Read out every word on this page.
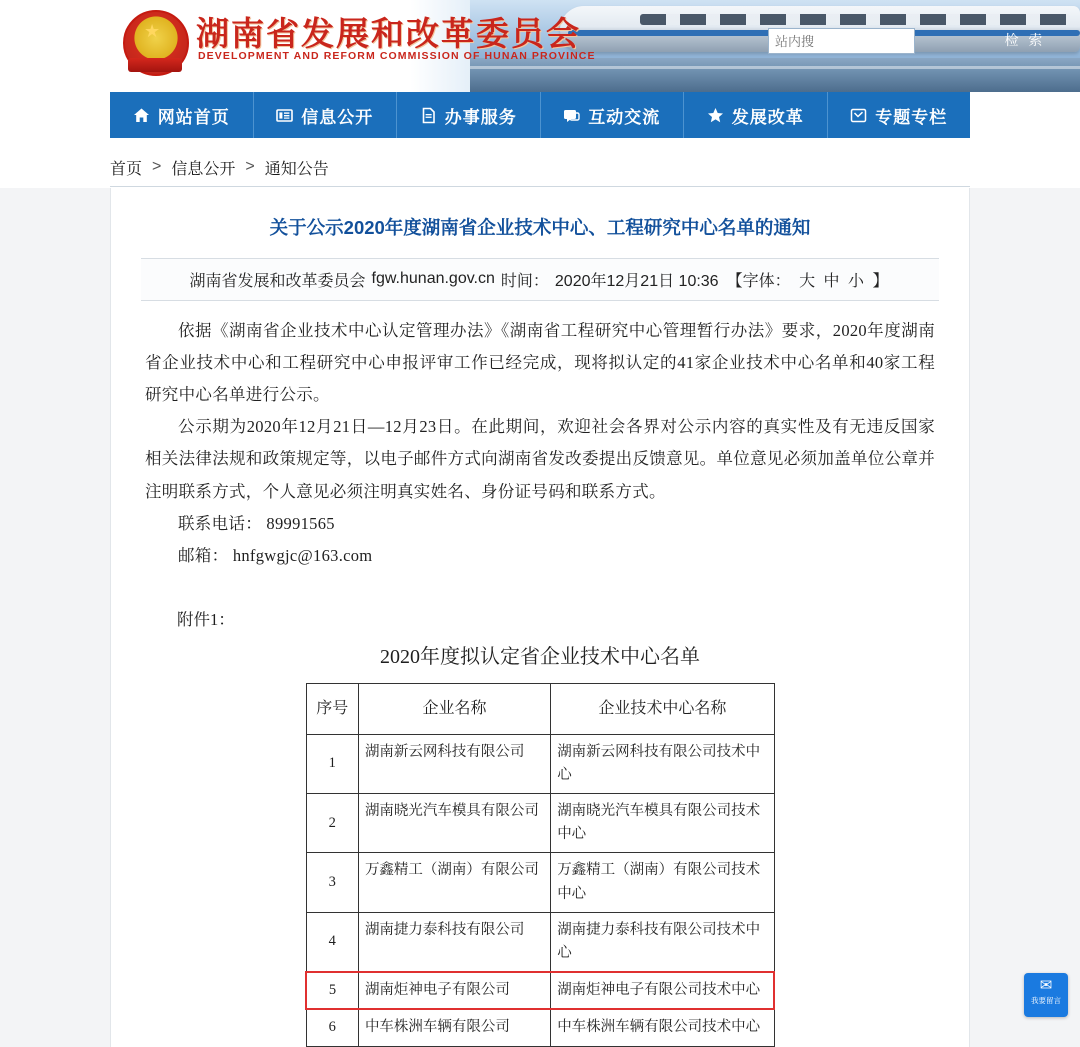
★ 湖南省发展和改革委员会
DEVELOPMENT AND REFORM COMMISSION OF HUNAN PROVINCE
站内搜
检 索
网站首页	信息公开	办事服务	互动交流	发展改革	专题专栏
首页 > 信息公开 > 通知公告
关于公示2020年度湖南省企业技术中心、工程研究中心名单的通知
湖南省发展和改革委员会 fgw.hunan.gov.cn 时间： 2020年12月21日 10:36 【字体： 大 中 小 】

依据《湖南省企业技术中心认定管理办法》《湖南省工程研究中心管理暂行办法》要求，2020年度湖南省企业技术中心和工程研究中心申报评审工作已经完成，现将拟认定的41家企业技术中心名单和40家工程研究中心名单进行公示。

公示期为2020年12月21日—12月23日。在此期间，欢迎社会各界对公示内容的真实性及有无违反国家相关法律法规和政策规定等，以电子邮件方式向湖南省发改委提出反馈意见。单位意见必须加盖单位公章并注明联系方式，个人意见必须注明真实姓名、身份证号码和联系方式。

联系电话： 89991565

邮箱： hnfgwgjc@163.com

附件1：
2020年度拟认定省企业技术中心名单
序号	企业名称	企业技术中心名称
1	湖南新云网科技有限公司	湖南新云网科技有限公司技术中心
2	湖南晓光汽车模具有限公司	湖南晓光汽车模具有限公司技术中心
3	万鑫精工（湖南）有限公司	万鑫精工（湖南）有限公司技术中心
4	湖南捷力泰科技有限公司	湖南捷力泰科技有限公司技术中心
5	湖南炬神电子有限公司	湖南炬神电子有限公司技术中心
6	中车株洲车辆有限公司	中车株洲车辆有限公司技术中心
✉
我要留言
